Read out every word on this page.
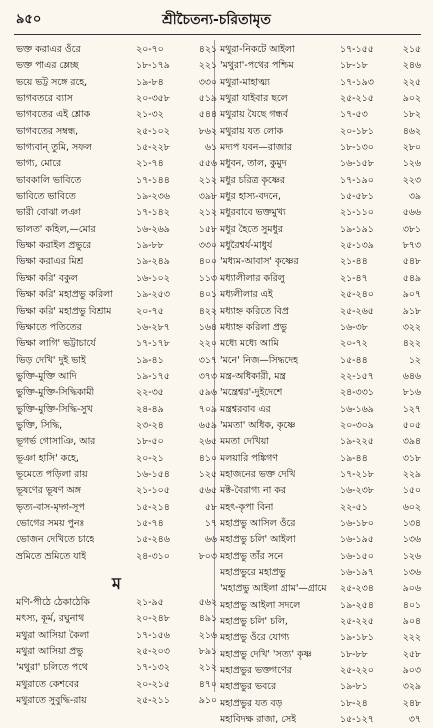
৯৫০	শ্রীচৈতন্য-চরিতামৃত
ভক্ত করাএর ওঁরে	২০-৭০	৪২১
ভক্ত পাএর ম্লেচ্ছ	১৮-১৭৯	২২১
ভয়ে ভট্ট সঙ্গে রহে,	১৯-৮৪	৩৩০
ভাগবতরে ব্যাস	২০-৩৫৮	৫১৯
ভাগবতের এই শ্লোক	২১-৩২	৫৪৪
ভাগবতের সম্বন্ধ,	২৫-১০২	৮৬২
ভাগ্যবান্ তুমি, সফল	১৫-২২৮	৬১
ভাগ্য, মোরে	২১-৭৪	৫৫৬
ভাবকালি ভাবিতে	১৭-১৪৪	২১২
ভাবিতে ভাবিতে	১৯-২৩৬	৩৯৮
ভারী বোঝা লঞা	১৭-১৪২	২১২
ভালত' কহিল,—মোর	১৬-২৬৯	১৫৮
ভিক্ষা করাইল প্রভুরে	১৯-৮৮	৩৩০
ভিক্ষা করাএর মিশ্র	১৯-২৪৯	৪০০
ভিক্ষা করি' বকুল	১৬-১০২	১১৩
ভিক্ষা করি' মহাপ্রভু করিলা ১৯-২৫৩	৪০১
ভিক্ষা করি' মহাপ্রভু বিশ্রাম	২০-৭৫	৪২২
ভিক্ষাতে পতিতের	১৬-২৮৭	১৬৪
ভিক্ষা লাগি' ভট্টাচার্যে	১৭-১৭৮	২২০
ভিড় দেখি' দুই ভাই	১৯-৪১	৩১৭
ভুক্তি-মুক্তি আদি	১৯-১৭৫	৩৭৩
ভুক্তি-মুক্তি-সিদ্ধিকামী	২২-৩৫	৫৯৬
ভুক্তি-মুক্তি-সিদ্ধি-সুখ	২৪-৪৯	৭০৯
ভুক্তি, সিদ্ধি,	২৩-২৪	৬৫৯
ভূগর্ভ গোসাঞি, আর	১৮-৫০	২৬৫
ভূঞা হাসি' কহে,	২০-২১	৪১০
ভূমেতে পড়িলা রায়	১৬-১৫৪	১২৫
ভূষণের ভূষণ অঙ্গ	২১-১০৫	৫৬৫
ভৃত্য-বাস-মৃদ্গ-সূপ	১৫-২১৪	৫৮
ভোগের সময় পুনঃ	১৫-৭৪	১৭
ভোজন দেখিতে চাহে	১৫-২৪৬	৬৬
ভ্রমিতে ভ্রমিতে যাই	২৪-৩১০	৮০৩
ম
মণি-পীঠে ঠেকাঠেকি	২১-৯৫	৫৬২
মৎস্য, কূর্ম, রঘুনাথ	২০-২৪৮	৪৯১
মথুরা আসিয়া কৈলা	১৭-১৫৬	২১৬
মথুরা আসিয়া প্রভু	২৫-২০৩	৮৯১
'মথুরা' চলিতে পথে	১৭-১৩২	২১২
মথুরাতে কেশবের	২০-২১৫	৪৭০
মথুরাতে সুবুদ্ধি-রায়	২৫-২১১	৯১০
মথুরা-নিকটে আইলা	১৭-১৫৫	২১৫
'মথুরা'-পথের পশ্চিম	১৮-১৮	২৪৬
মথুরা-মাহাত্ম্য	১৭-১৯৩	২২৫
মথুরা যাইবার ছলে	২৫-২১৫	৯০২
মথুরায় যৈছে গন্ধর্ব	১৭-৫৩	১৮২
মথুরায় যত লোক	২০-১৮১	৪৬২
মদ্যপ যবন—রাজার	১৮-১৩০	২৮০
মধুবন, তাল, কুমুদ	১৬-১৫৮	১২৬
মধুর চরিত্র কৃষ্ণের	১৭-১৯০	২২৩
মধুর হাস্য-বদনে,	১৫-৫৮১	৩৯
মধুরবাবে ভক্তমুখ্য	২১-১১০	৫৬৬
মধুর হৈতে সুমধুর	১৯-১৯১	৩৮১
মধুরৈশ্বর্য-মাধুর্য	২৫-১৩৯	৮৭৩
'মধ্যম-আবাস' কৃষ্ণের	২১-৪৪	৫৪৮
মধ্যালীলার করিলু	২১-৪৭	৫৪৯
মধ্যলীলার এই	২৫-২৪০	৯০৭
মধ্যাহ্ন করিতে বিপ্র	২৫-২৬৫	৯১৮
মধ্যাহ্ন করিলা প্রভু	১৬-৩৮	৩২২
মধ্যে মধ্যে আমি	২০-৭২	৪২২
'মনে' নিজ—সিদ্ধদেহ	১৫-৪৪	১২
মন্ত্র-অধিকারী, মন্ত্র	২২-১৫৭	৬৪৬
'মন্ত্রেশ্বর'-দুইদেশে	২৪-৩৩১	৮১৬
মন্ত্রশ্বরবাব এর	১৬-১৬৯	১২৭
'মমতা' অধিক, কৃষ্ণে	২০-৩০৯	৫০৫
মমতা দেখিয়া	১৯-২২৫	৩৯৪
মলয়ারি পঙ্কিগণ	১৯-৪৪	৩১৮
মহাজনের ভক্ত দেখি	১৭-২১৮	২২৯
মক্ট-বৈরাগ্য না কর	১৬-২৩৮	১৫০
মহৎ-কৃপা বিনা	২২-৫১	৬০২
মহাপ্রভু আসিল ওঁরে	১৬-১৮০	১৩৪
মহাপ্রভু চলি' আইলা	১৬-১৯৫	১৩৬
মহাপ্রভু তাঁর সনে	১৬-১৫০	১২৬
মহাপ্রভুরে মহাপ্রভু	১৬-১৯৭	১৩৬
'মহাপ্রভু আইলা গ্রাম'—গ্রামে ২৫-২৩৪	৯০৬
মহাপ্রভু আইলা সদলে	১৯-২৫৪	৪০১
মহাপ্রভু চলি' চলি,	২৫-২২৫	৯০৪
মহাপ্রভু ওঁরে যোগ্য	১৯-১৮১	২২২
মহাপ্রভু দেখি' 'সত্য' কৃষ্ণ	১৮-৮৮	২৫৮
মহাপ্রভুর ভক্তগণের	২৫-২২০	৯০৩
মহাপ্রভুর ভবরে	১৯-৮১	৩২৯
মহাপ্রভুর যত বড়	১৮-২৪	২৪৮
মহাবিদক্ষ রাজা, সেই	১৫-১২৭	৩৭
